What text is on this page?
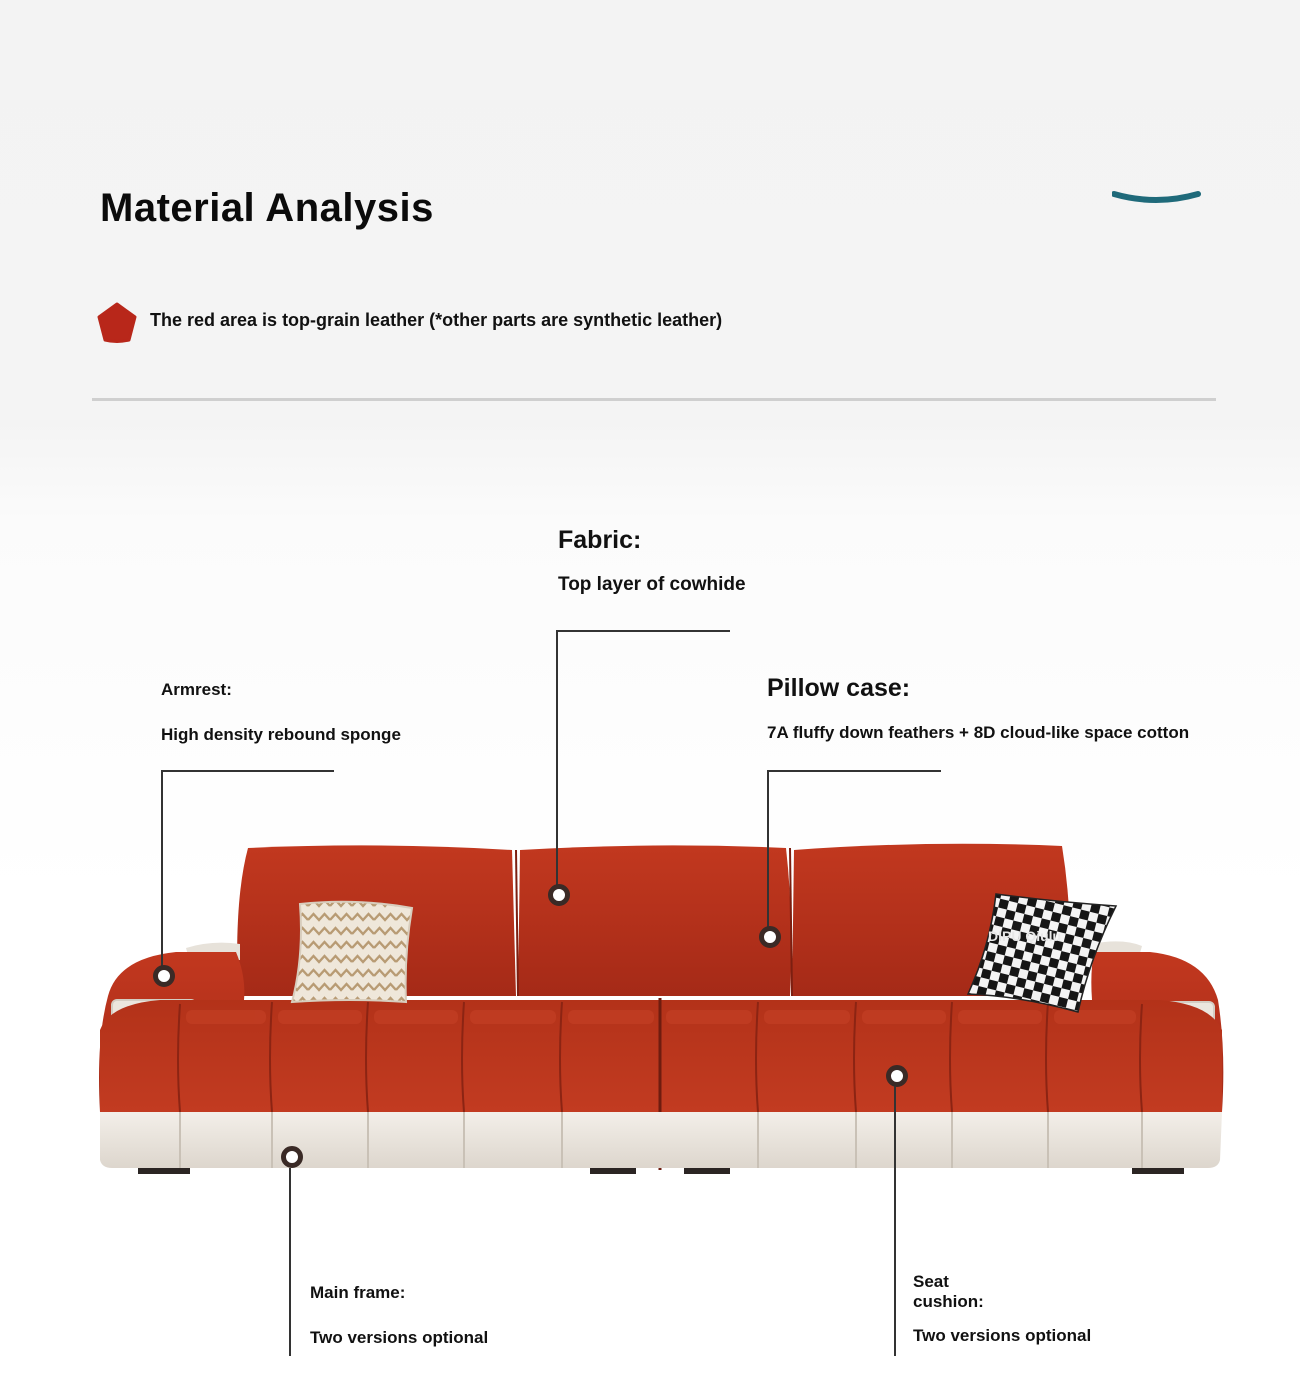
Material Analysis
The red area is top-grain leather (*other parts are synthetic leather)
DIPU Qiulu
Fabric:
Top layer of cowhide
Armrest:
High density rebound sponge
Pillow case:
7A fluffy down feathers + 8D cloud-like space cotton
Main frame:
Two versions optional
Seat cushion:
Two versions optional
